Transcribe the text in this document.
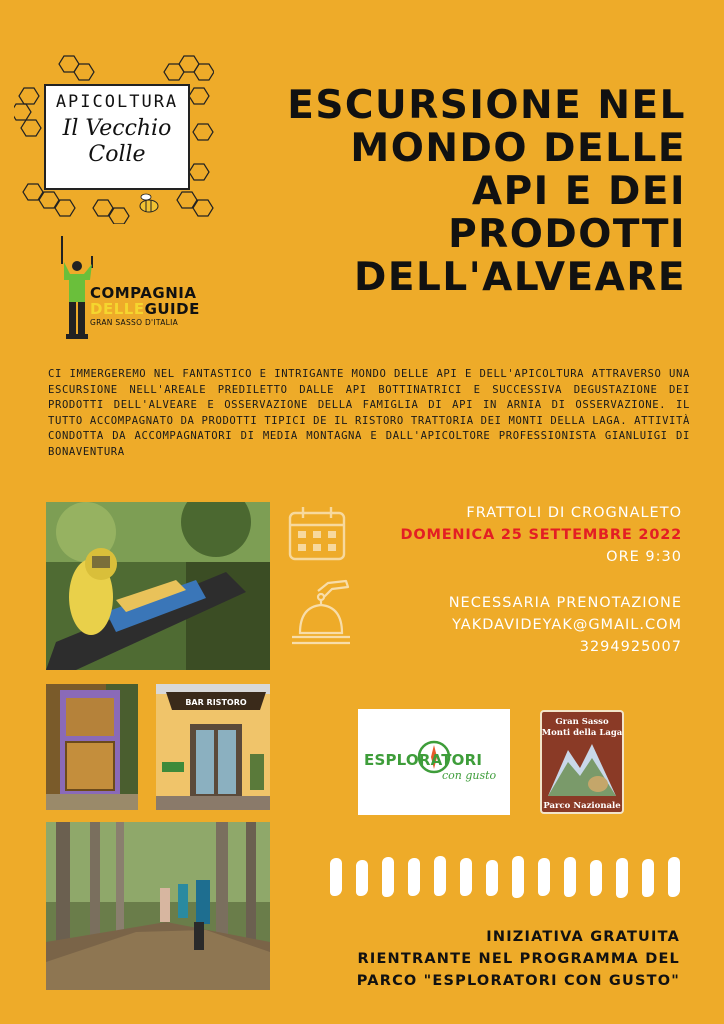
APICOLTURA
Il Vecchio
Colle
COMPAGNIA
DELLEGUIDE
GRAN SASSO D'ITALIA
ESCURSIONE NEL
MONDO DELLE
API E DEI
PRODOTTI
DELL'ALVEARE
CI IMMERGEREMO NEL FANTASTICO E INTRIGANTE MONDO DELLE API E DELL'APICOLTURA ATTRAVERSO UNA ESCURSIONE NELL'AREALE PREDILETTO DALLE API BOTTINATRICI E SUCCESSIVA DEGUSTAZIONE DEI PRODOTTI DELL'ALVEARE E OSSERVAZIONE DELLA FAMIGLIA DI API IN ARNIA DI OSSERVAZIONE. IL TUTTO ACCOMPAGNATO DA PRODOTTI TIPICI DE IL RISTORO TRATTORIA DEI MONTI DELLA LAGA. ATTIVITÀ CONDOTTA DA ACCOMPAGNATORI DI MEDIA MONTAGNA E DALL'APICOLTORE PROFESSIONISTA GIANLUIGI DI BONAVENTURA
BAR RISTORO
FRATTOLI DI CROGNALETO
DOMENICA 25 SETTEMBRE 2022
ORE 9:30
NECESSARIA PRENOTAZIONE
YAKDAVIDEYAK@GMAIL.COM
3294925007
ESPLORATORI
con gusto
Gran Sasso
Monti della Laga
Parco Nazionale
INIZIATIVA GRATUITA
RIENTRANTE NEL PROGRAMMA DEL
PARCO "ESPLORATORI CON GUSTO"
